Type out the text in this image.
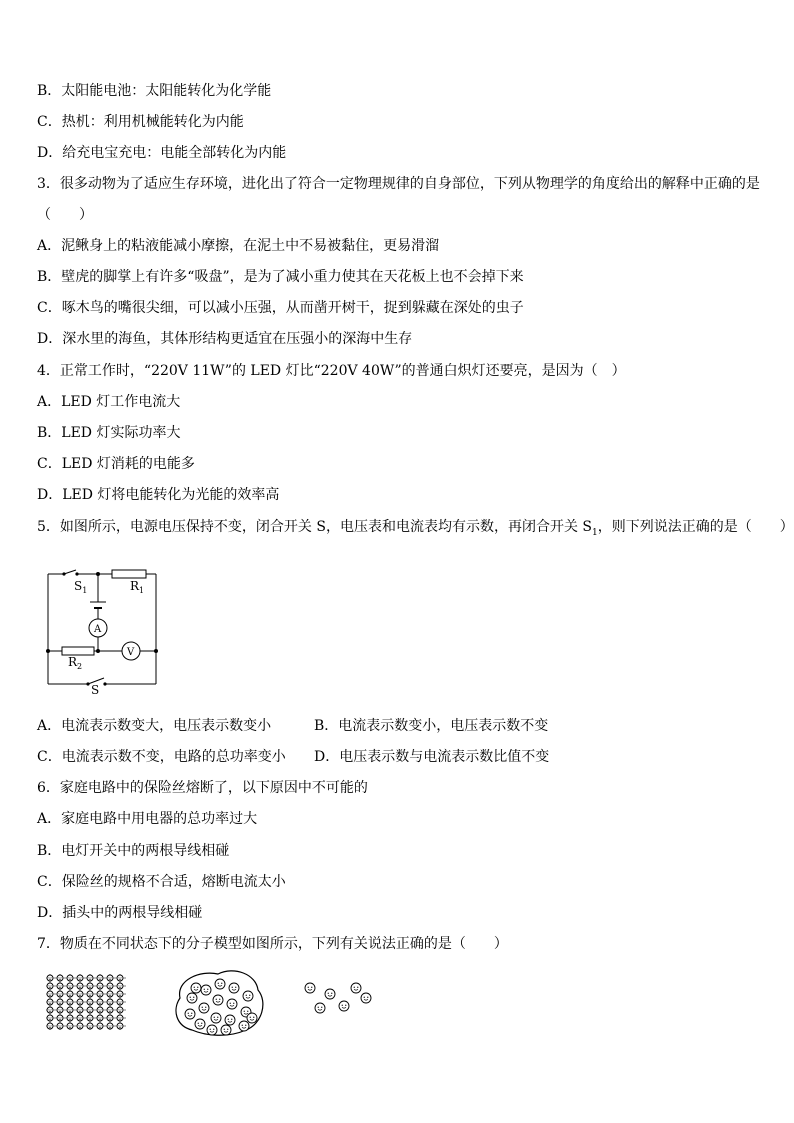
B．太阳能电池：太阳能转化为化学能
C．热机：利用机械能转化为内能
D．给充电宝充电：电能全部转化为内能
3．很多动物为了适应生存环境，进化出了符合一定物理规律的自身部位，下列从物理学的角度给出的解释中正确的是
（　　）
A．泥鳅身上的粘液能减小摩擦，在泥土中不易被黏住，更易滑溜
B．壁虎的脚掌上有许多“吸盘”，是为了减小重力使其在天花板上也不会掉下来
C．啄木鸟的嘴很尖细，可以减小压强，从而凿开树干，捉到躲藏在深处的虫子
D．深水里的海鱼，其体形结构更适宜在压强小的深海中生存
4．正常工作时，“220V 11W”的 LED 灯比“220V 40W”的普通白炽灯还要亮，是因为（　）
A．LED 灯工作电流大
B．LED 灯实际功率大
C．LED 灯消耗的电能多
D．LED 灯将电能转化为光能的效率高
5．如图所示，电源电压保持不变，闭合开关 S，电压表和电流表均有示数，再闭合开关 $S_1$，则下列说法正确的是（　　）
$S_1$	$R_1$
A
V
$R_2$
S
A．电流表示数变大，电压表示数变小	B．电流表示数变小，电压表示数不变
C．电流表示数不变，电路的总功率变小 D．电压表示数与电流表示数比值不变
6．家庭电路中的保险丝熔断了，以下原因中不可能的
A．家庭电路中用电器的总功率过大
B．电灯开关中的两根导线相碰
C．保险丝的规格不合适，熔断电流太小
D．插头中的两根导线相碰
7．物质在不同状态下的分子模型如图所示，下列有关说法正确的是（　　）
